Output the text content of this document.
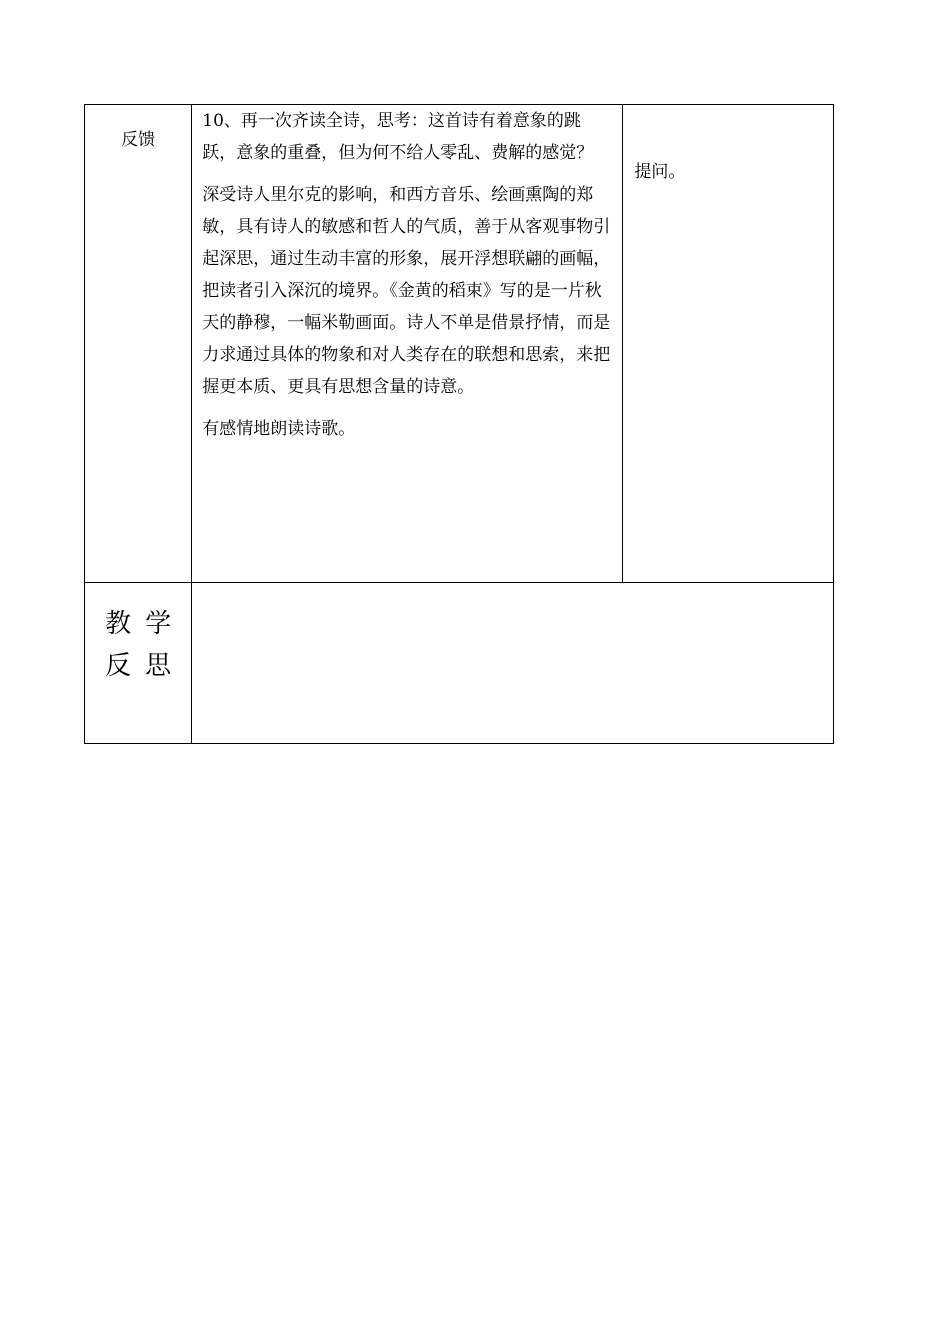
反馈	10、再一次齐读全诗，思考：这首诗有着意象的跳跃，意象的重叠，但为何不给人零乱、费解的感觉？

深受诗人里尔克的影响，和西方音乐、绘画熏陶的郑敏，具有诗人的敏感和哲人的气质，善于从客观事物引起深思，通过生动丰富的形象，展开浮想联翩的画幅，把读者引入深沉的境界。《金黄的稻束》写的是一片秋天的静穆，一幅米勒画面。诗人不单是借景抒情，而是力求通过具体的物象和对人类存在的联想和思索，来把握更本质、更具有思想含量的诗意。

有感情地朗读诗歌。	提问。

教学
反思		
